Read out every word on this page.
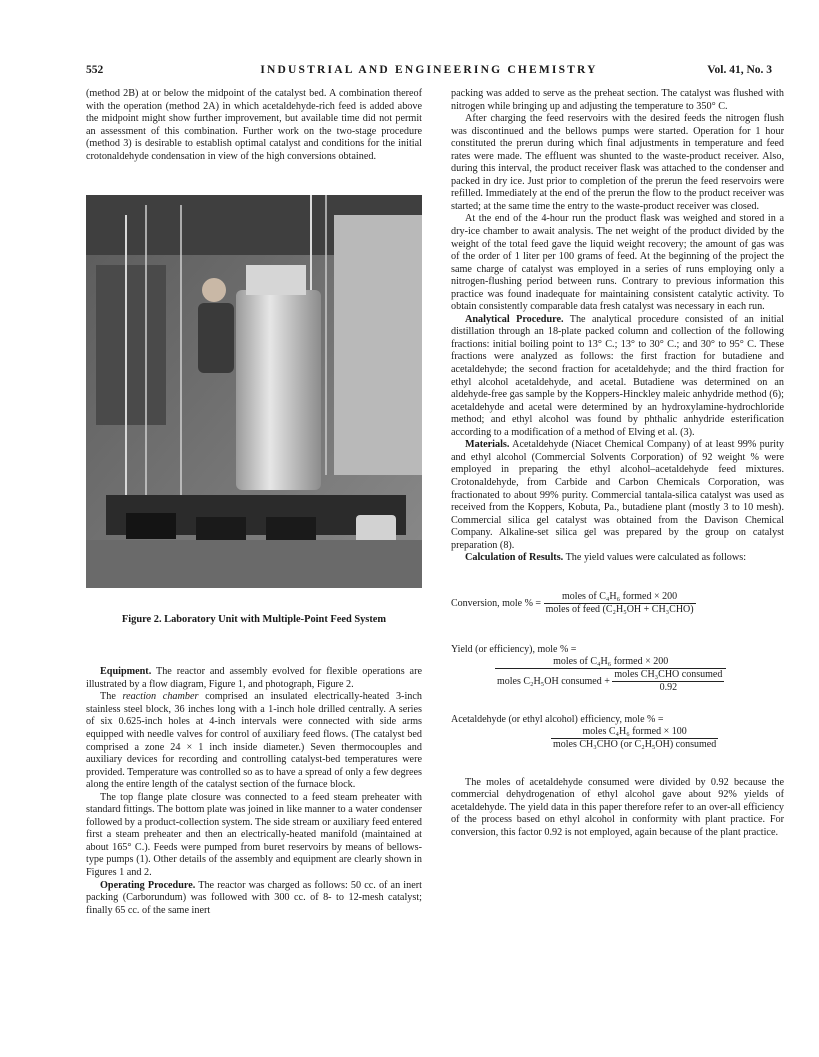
552	INDUSTRIAL AND ENGINEERING CHEMISTRY	Vol. 41, No. 3

(method 2B) at or below the midpoint of the catalyst bed. A combination thereof with the operation (method 2A) in which acetaldehyde-rich feed is added above the midpoint might show further improvement, but available time did not permit an assessment of this combination. Further work on the two-stage procedure (method 3) is desirable to establish optimal catalyst and conditions for the initial crotonaldehyde condensation in view of the high conversions obtained.

Figure 2. Laboratory Unit with Multiple-Point Feed System

Equipment. The reactor and assembly evolved for flexible operations are illustrated by a flow diagram, Figure 1, and photograph, Figure 2.

The reaction chamber comprised an insulated electrically-heated 3-inch stainless steel block, 36 inches long with a 1-inch hole drilled centrally. A series of six 0.625-inch holes at 4-inch intervals were connected with side arms equipped with needle valves for control of auxiliary feed flows. (The catalyst bed comprised a zone 24 × 1 inch inside diameter.) Seven thermocouples and auxiliary devices for recording and controlling catalyst-bed temperatures were provided. Temperature was controlled so as to have a spread of only a few degrees along the entire length of the catalyst section of the furnace block.

The top flange plate closure was connected to a feed steam preheater with standard fittings. The bottom plate was joined in like manner to a water condenser followed by a product-collection system. The side stream or auxiliary feed entered first a steam preheater and then an electrically-heated manifold (maintained at about 165° C.). Feeds were pumped from buret reservoirs by means of bellows-type pumps (1). Other details of the assembly and equipment are clearly shown in Figures 1 and 2.

Operating Procedure. The reactor was charged as follows: 50 cc. of an inert packing (Carborundum) was followed with 300 cc. of 8- to 12-mesh catalyst; finally 65 cc. of the same inert

packing was added to serve as the preheat section. The catalyst was flushed with nitrogen while bringing up and adjusting the temperature to 350° C.

After charging the feed reservoirs with the desired feeds the nitrogen flush was discontinued and the bellows pumps were started. Operation for 1 hour constituted the prerun during which final adjustments in temperature and feed rates were made. The effluent was shunted to the waste-product receiver. Also, during this interval, the product receiver flask was attached to the condenser and packed in dry ice. Just prior to completion of the prerun the feed reservoirs were refilled. Immediately at the end of the prerun the flow to the product receiver was started; at the same time the entry to the waste-product receiver was closed.

At the end of the 4-hour run the product flask was weighed and stored in a dry-ice chamber to await analysis. The net weight of the product divided by the weight of the total feed gave the liquid weight recovery; the amount of gas was of the order of 1 liter per 100 grams of feed. At the beginning of the project the same charge of catalyst was employed in a series of runs employing only a nitrogen-flushing period between runs. Contrary to previous information this practice was found inadequate for maintaining consistent catalytic activity. To obtain consistently comparable data fresh catalyst was necessary in each run.

Analytical Procedure. The analytical procedure consisted of an initial distillation through an 18-plate packed column and collection of the following fractions: initial boiling point to 13° C.; 13° to 30° C.; and 30° to 95° C. These fractions were analyzed as follows: the first fraction for butadiene and acetaldehyde; the second fraction for acetaldehyde; and the third fraction for ethyl alcohol acetaldehyde, and acetal. Butadiene was determined on an aldehyde-free gas sample by the Koppers-Hinckley maleic anhydride method (6); acetaldehyde and acetal were determined by an hydroxylamine-hydrochloride method; and ethyl alcohol was found by phthalic anhydride esterification according to a modification of a method of Elving et al. (3).

Materials. Acetaldehyde (Niacet Chemical Company) of at least 99% purity and ethyl alcohol (Commercial Solvents Corporation) of 92 weight % were employed in preparing the ethyl alcohol–acetaldehyde feed mixtures. Crotonaldehyde, from Carbide and Carbon Chemicals Corporation, was fractionated to about 99% purity. Commercial tantala-silica catalyst was used as received from the Koppers, Kobuta, Pa., butadiene plant (mostly 3 to 10 mesh). Commercial silica gel catalyst was obtained from the Davison Chemical Company. Alkaline-set silica gel was prepared by the group on catalyst preparation (8).

Calculation of Results. The yield values were calculated as follows:

Conversion, mole % = $\frac{\text{moles of C₄H₆ formed × 200}}{\text{moles of feed (C₂H₅OH + CH₃CHO)}}$
Yield (or efficiency), mole % =
moles of C₄H₆ formed × 200
moles C₂H₅OH consumed + $\frac{\text{moles CH₃CHO consumed}}{0.92}$
Acetaldehyde (or ethyl alcohol) efficiency, mole % =
$\frac{\text{moles C₄H₆ formed × 100}}{\text{moles CH₃CHO (or C₂H₅OH) consumed}}$

The moles of acetaldehyde consumed were divided by 0.92 because the commercial dehydrogenation of ethyl alcohol gave about 92% yields of acetaldehyde. The yield data in this paper therefore refer to an over-all efficiency of the process based on ethyl alcohol in conformity with plant practice. For conversion, this factor 0.92 is not employed, again because of the plant practice.
